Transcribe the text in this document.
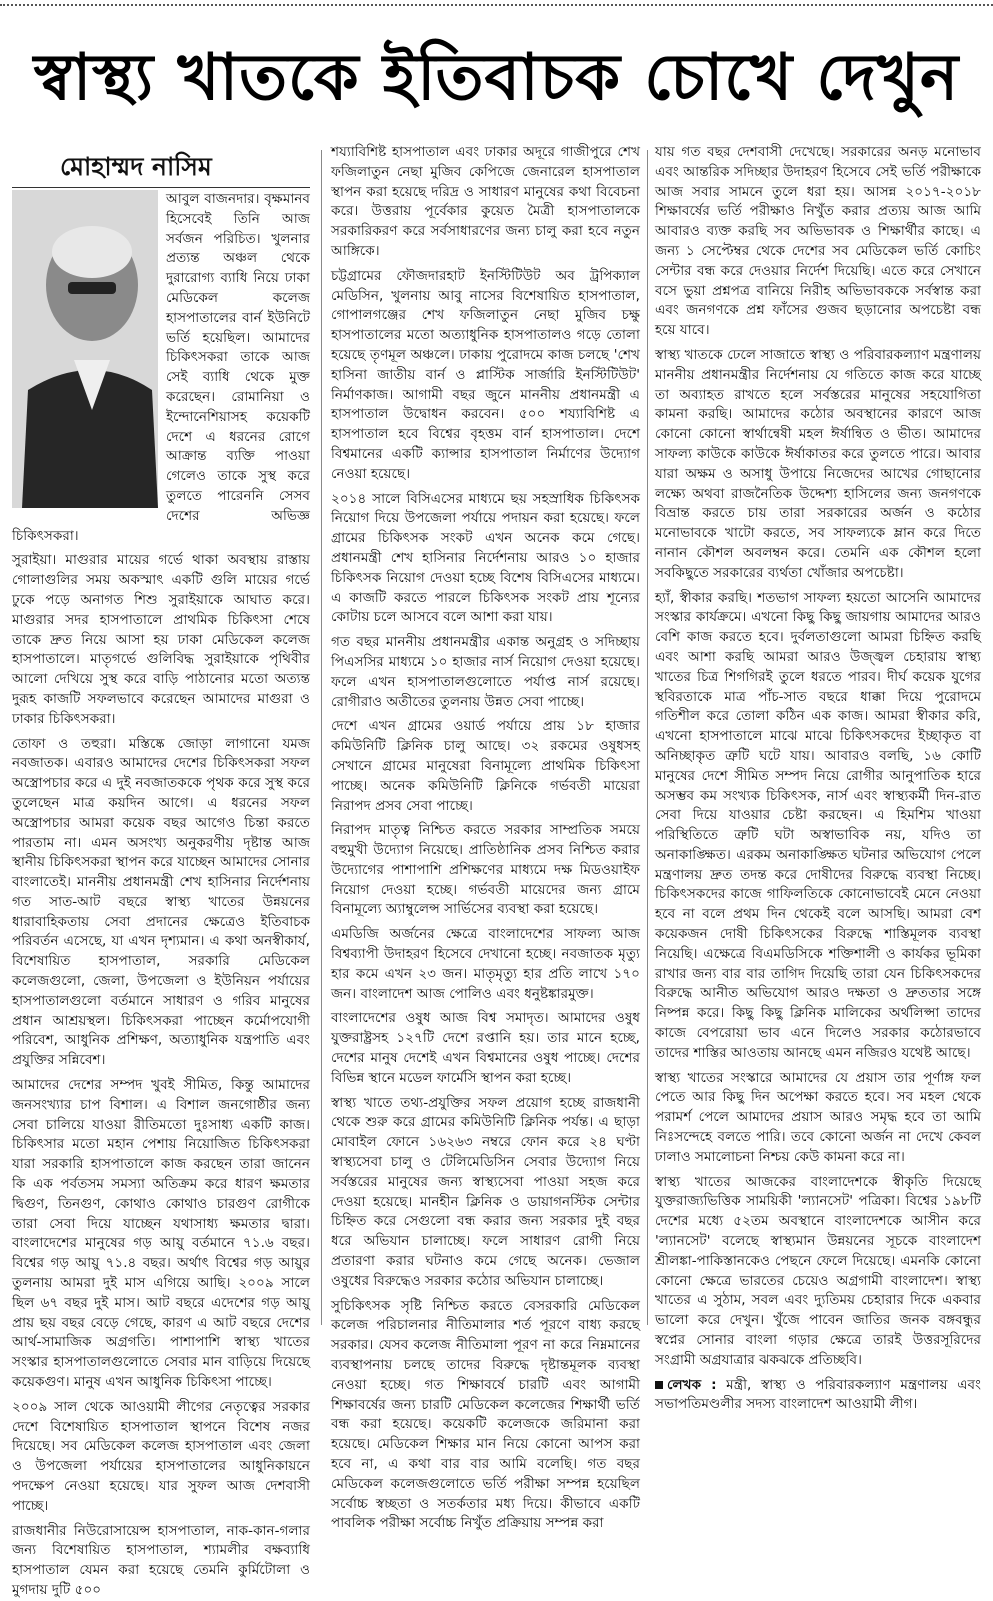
স্বাস্থ্য খাতকে ইতিবাচক চোখে দেখুন
মোহাম্মদ নাসিম

আবুল বাজনদার। বৃক্ষমানব হিসেবেই তিনি আজ সর্বজন পরিচিত। খুলনার প্রত্যন্ত অঞ্চল থেকে দুরারোগ্য ব্যাধি নিয়ে ঢাকা মেডিকেল কলেজ হাসপাতালের বার্ন ইউনিটে ভর্তি হয়েছিল। আমাদের চিকিৎসকরা তাকে আজ সেই ব্যাধি থেকে মুক্ত করেছেন। রোমানিয়া ও ইন্দোনেশিয়াসহ কয়েকটি দেশে এ ধরনের রোগে আক্রান্ত ব্যক্তি পাওয়া গেলেও তাকে সুস্থ করে তুলতে পারেননি সেসব দেশের অভিজ্ঞ চিকিৎসকরা।

সুরাইয়া। মাগুরার মায়ের গর্ভে থাকা অবস্থায় রাস্তায় গোলাগুলির সময় অকস্মাৎ একটি গুলি মায়ের গর্ভে ঢুকে পড়ে অনাগত শিশু সুরাইয়াকে আঘাত করে। মাগুরার সদর হাসপাতালে প্রাথমিক চিকিৎসা শেষে তাকে দ্রুত নিয়ে আসা হয় ঢাকা মেডিকেল কলেজ হাসপাতালে। মাতৃগর্ভে গুলিবিদ্ধ সুরাইয়াকে পৃথিবীর আলো দেখিয়ে সুস্থ করে বাড়ি পাঠানোর মতো অত্যন্ত দুরূহ কাজটি সফলভাবে করেছেন আমাদের মাগুরা ও ঢাকার চিকিৎসকরা।

তোফা ও তহুরা। মস্তিষ্কে জোড়া লাগানো যমজ নবজাতক। এবারও আমাদের দেশের চিকিৎসকরা সফল অস্ত্রোপচার করে এ দুই নবজাতককে পৃথক করে সুস্থ করে তুলেছেন মাত্র কয়দিন আগে। এ ধরনের সফল অস্ত্রোপচার আমরা কয়েক বছর আগেও চিন্তা করতে পারতাম না। এমন অসংখ্য অনুকরণীয় দৃষ্টান্ত আজ স্থানীয় চিকিৎসকরা স্থাপন করে যাচ্ছেন আমাদের সোনার বাংলাতেই। মাননীয় প্রধানমন্ত্রী শেখ হাসিনার নির্দেশনায় গত সাত-আট বছরে স্বাস্থ্য খাতের উন্নয়নের ধারাবাহিকতায় সেবা প্রদানের ক্ষেত্রেও ইতিবাচক পরিবর্তন এসেছে, যা এখন দৃশ্যমান। এ কথা অনস্বীকার্য, বিশেষায়িত হাসপাতাল, সরকারি মেডিকেল কলেজগুলো, জেলা, উপজেলা ও ইউনিয়ন পর্যায়ের হাসপাতালগুলো বর্তমানে সাধারণ ও গরিব মানুষের প্রধান আশ্রয়স্থল। চিকিৎসকরা পাচ্ছেন কর্মোপযোগী পরিবেশ, আধুনিক প্রশিক্ষণ, অত্যাধুনিক যন্ত্রপাতি এবং প্রযুক্তির সন্নিবেশ।

আমাদের দেশের সম্পদ খুবই সীমিত, কিন্তু আমাদের জনসংখ্যার চাপ বিশাল। এ বিশাল জনগোষ্ঠীর জন্য সেবা চালিয়ে যাওয়া রীতিমতো দুঃসাধ্য একটি কাজ। চিকিৎসার মতো মহান পেশায় নিয়োজিত চিকিৎসকরা যারা সরকারি হাসপাতালে কাজ করছেন তারা জানেন কি এক পর্বতসম সমস্যা অতিক্রম করে ধারণ ক্ষমতার দ্বিগুণ, তিনগুণ, কোথাও কোথাও চারগুণ রোগীকে তারা সেবা দিয়ে যাচ্ছেন যথাসাধ্য ক্ষমতার দ্বারা। বাংলাদেশের মানুষের গড় আয়ু বর্তমানে ৭১.৬ বছর। বিশ্বের গড় আয়ু ৭১.৪ বছর। অর্থাৎ বিশ্বের গড় আয়ুর তুলনায় আমরা দুই মাস এগিয়ে আছি। ২০০৯ সালে ছিল ৬৭ বছর দুই মাস। আট বছরে এদেশের গড় আয়ু প্রায় ছয় বছর বেড়ে গেছে, কারণ এ আট বছরে দেশের আর্থ-সামাজিক অগ্রগতি। পাশাপাশি স্বাস্থ্য খাতের সংস্কার হাসপাতালগুলোতে সেবার মান বাড়িয়ে দিয়েছে কয়েকগুণ। মানুষ এখন আধুনিক চিকিৎসা পাচ্ছে।

২০০৯ সাল থেকে আওয়ামী লীগের নেতৃত্বের সরকার দেশে বিশেষায়িত হাসপাতাল স্থাপনে বিশেষ নজর দিয়েছে। সব মেডিকেল কলেজ হাসপাতাল এবং জেলা ও উপজেলা পর্যায়ের হাসপাতালের আধুনিকায়নে পদক্ষেপ নেওয়া হয়েছে। যার সুফল আজ দেশবাসী পাচ্ছে।

রাজধানীর নিউরোসায়েন্স হাসপাতাল, নাক-কান-গলার জন্য বিশেষায়িত হাসপাতাল, শ্যামলীর বক্ষব্যাধি হাসপাতাল যেমন করা হয়েছে তেমনি কুর্মিটোলা ও মুগদায় দুটি ৫০০

শয্যাবিশিষ্ট হাসপাতাল এবং ঢাকার অদূরে গাজীপুরে শেখ ফজিলাতুন নেছা মুজিব কেপিজে জেনারেল হাসপাতাল স্থাপন করা হয়েছে দরিদ্র ও সাধারণ মানুষের কথা বিবেচনা করে। উত্তরায় পূর্বেকার কুয়েত মৈত্রী হাসপাতালকে সরকারিকরণ করে সর্বসাধারণের জন্য চালু করা হবে নতুন আঙ্গিকে।

চট্টগ্রামের ফৌজদারহাট ইনস্টিটিউট অব ট্রপিক্যাল মেডিসিন, খুলনায় আবু নাসের বিশেষায়িত হাসপাতাল, গোপালগঞ্জের শেখ ফজিলাতুন নেছা মুজিব চক্ষু হাসপাতালের মতো অত্যাধুনিক হাসপাতালও গড়ে তোলা হয়েছে তৃণমূল অঞ্চলে। ঢাকায় পুরোদমে কাজ চলছে 'শেখ হাসিনা জাতীয় বার্ন ও প্লাস্টিক সার্জারি ইনস্টিটিউট' নির্মাণকাজ। আগামী বছর জুনে মাননীয় প্রধানমন্ত্রী এ হাসপাতাল উদ্বোধন করবেন। ৫০০ শয্যাবিশিষ্ট এ হাসপাতাল হবে বিশ্বের বৃহত্তম বার্ন হাসপাতাল। দেশে বিশ্বমানের একটি ক্যান্সার হাসপাতাল নির্মাণের উদ্যোগ নেওয়া হয়েছে।

২০১৪ সালে বিসিএসের মাধ্যমে ছয় সহস্রাধিক চিকিৎসক নিয়োগ দিয়ে উপজেলা পর্যায়ে পদায়ন করা হয়েছে। ফলে গ্রামের চিকিৎসক সংকট এখন অনেক কমে গেছে। প্রধানমন্ত্রী শেখ হাসিনার নির্দেশনায় আরও ১০ হাজার চিকিৎসক নিয়োগ দেওয়া হচ্ছে বিশেষ বিসিএসের মাধ্যমে। এ কাজটি করতে পারলে চিকিৎসক সংকট প্রায় শূন্যের কোটায় চলে আসবে বলে আশা করা যায়।

গত বছর মাননীয় প্রধানমন্ত্রীর একান্ত অনুগ্রহ ও সদিচ্ছায় পিএসসির মাধ্যমে ১০ হাজার নার্স নিয়োগ দেওয়া হয়েছে। ফলে এখন হাসপাতালগুলোতে পর্যাপ্ত নার্স রয়েছে। রোগীরাও অতীতের তুলনায় উন্নত সেবা পাচ্ছে।

দেশে এখন গ্রামের ওয়ার্ড পর্যায়ে প্রায় ১৮ হাজার কমিউনিটি ক্লিনিক চালু আছে। ৩২ রকমের ওষুধসহ সেখানে গ্রামের মানুষেরা বিনামূল্যে প্রাথমিক চিকিৎসা পাচ্ছে। অনেক কমিউনিটি ক্লিনিকে গর্ভবতী মায়েরা নিরাপদ প্রসব সেবা পাচ্ছে।

নিরাপদ মাতৃত্ব নিশ্চিত করতে সরকার সাম্প্রতিক সময়ে বহুমুখী উদ্যোগ নিয়েছে। প্রাতিষ্ঠানিক প্রসব নিশ্চিত করার উদ্যোগের পাশাপাশি প্রশিক্ষণের মাধ্যমে দক্ষ মিডওয়াইফ নিয়োগ দেওয়া হচ্ছে। গর্ভবতী মায়েদের জন্য গ্রামে বিনামূল্যে অ্যাম্বুলেন্স সার্ভিসের ব্যবস্থা করা হয়েছে।

এমডিজি অর্জনের ক্ষেত্রে বাংলাদেশের সাফল্য আজ বিশ্বব্যাপী উদাহরণ হিসেবে দেখানো হচ্ছে। নবজাতক মৃত্যু হার কমে এখন ২৩ জন। মাতৃমৃত্যু হার প্রতি লাখে ১৭০ জন। বাংলাদেশ আজ পোলিও এবং ধনুষ্টঙ্কারমুক্ত।

বাংলাদেশের ওষুধ আজ বিশ্ব সমাদৃত। আমাদের ওষুধ যুক্তরাষ্ট্রসহ ১২৭টি দেশে রপ্তানি হয়। তার মানে হচ্ছে, দেশের মানুষ দেশেই এখন বিশ্বমানের ওষুধ পাচ্ছে। দেশের বিভিন্ন স্থানে মডেল ফার্মেসি স্থাপন করা হচ্ছে।

স্বাস্থ্য খাতে তথ্য-প্রযুক্তির সফল প্রয়োগ হচ্ছে রাজধানী থেকে শুরু করে গ্রামের কমিউনিটি ক্লিনিক পর্যন্ত। এ ছাড়া মোবাইল ফোনে ১৬২৬৩ নম্বরে ফোন করে ২৪ ঘণ্টা স্বাস্থ্যসেবা চালু ও টেলিমেডিসিন সেবার উদ্যোগ নিয়ে সর্বস্তরের মানুষের জন্য স্বাস্থ্যসেবা পাওয়া সহজ করে দেওয়া হয়েছে। মানহীন ক্লিনিক ও ডায়াগনস্টিক সেন্টার চিহ্নিত করে সেগুলো বন্ধ করার জন্য সরকার দুই বছর ধরে অভিযান চালাচ্ছে। ফলে সাধারণ রোগী নিয়ে প্রতারণা করার ঘটনাও কমে গেছে অনেক। ভেজাল ওষুধের বিরুদ্ধেও সরকার কঠোর অভিযান চালাচ্ছে।

সুচিকিৎসক সৃষ্টি নিশ্চিত করতে বেসরকারি মেডিকেল কলেজ পরিচালনার নীতিমালার শর্ত পূরণে বাধ্য করছে সরকার। যেসব কলেজ নীতিমালা পূরণ না করে নিম্নমানের ব্যবস্থাপনায় চলছে তাদের বিরুদ্ধে দৃষ্টান্তমূলক ব্যবস্থা নেওয়া হচ্ছে। গত শিক্ষাবর্ষে চারটি এবং আগামী শিক্ষাবর্ষের জন্য চারটি মেডিকেল কলেজের শিক্ষার্থী ভর্তি বন্ধ করা হয়েছে। কয়েকটি কলেজকে জরিমানা করা হয়েছে। মেডিকেল শিক্ষার মান নিয়ে কোনো আপস করা হবে না, এ কথা বার বার আমি বলেছি। গত বছর মেডিকেল কলেজগুলোতে ভর্তি পরীক্ষা সম্পন্ন হয়েছিল সর্বোচ্চ স্বচ্ছতা ও সতর্কতার মধ্য দিয়ে। কীভাবে একটি পাবলিক পরীক্ষা সর্বোচ্চ নিখুঁত প্রক্রিয়ায় সম্পন্ন করা

যায় গত বছর দেশবাসী দেখেছে। সরকারের অনড় মনোভাব এবং আন্তরিক সদিচ্ছার উদাহরণ হিসেবে সেই ভর্তি পরীক্ষাকে আজ সবার সামনে তুলে ধরা হয়। আসন্ন ২০১৭-২০১৮ শিক্ষাবর্ষের ভর্তি পরীক্ষাও নিখুঁত করার প্রত্যয় আজ আমি আবারও ব্যক্ত করছি সব অভিভাবক ও শিক্ষার্থীর কাছে। এ জন্য ১ সেপ্টেম্বর থেকে দেশের সব মেডিকেল ভর্তি কোচিং সেন্টার বন্ধ করে দেওয়ার নির্দেশ দিয়েছি। এতে করে সেখানে বসে ভুয়া প্রশ্নপত্র বানিয়ে নিরীহ অভিভাবককে সর্বস্বান্ত করা এবং জনগণকে প্রশ্ন ফাঁসের গুজব ছড়ানোর অপচেষ্টা বন্ধ হয়ে যাবে।

স্বাস্থ্য খাতকে ঢেলে সাজাতে স্বাস্থ্য ও পরিবারকল্যাণ মন্ত্রণালয় মাননীয় প্রধানমন্ত্রীর নির্দেশনায় যে গতিতে কাজ করে যাচ্ছে তা অব্যাহত রাখতে হলে সর্বস্তরের মানুষের সহযোগিতা কামনা করছি। আমাদের কঠোর অবস্থানের কারণে আজ কোনো কোনো স্বার্থান্বেষী মহল ঈর্ষান্বিত ও ভীত। আমাদের সাফল্য কাউকে কাউকে ঈর্ষাকাতর করে তুলতে পারে। আবার যারা অক্ষম ও অসাধু উপায়ে নিজেদের আখের গোছানোর লক্ষ্যে অথবা রাজনৈতিক উদ্দেশ্য হাসিলের জন্য জনগণকে বিভ্রান্ত করতে চায় তারা সরকারের অর্জন ও কঠোর মনোভাবকে খাটো করতে, সব সাফল্যকে ম্লান করে দিতে নানান কৌশল অবলম্বন করে। তেমনি এক কৌশল হলো সবকিছুতে সরকারের ব্যর্থতা খোঁজার অপচেষ্টা।

হ্যাঁ, স্বীকার করছি। শতভাগ সাফল্য হয়তো আসেনি আমাদের সংস্কার কার্যক্রমে। এখনো কিছু কিছু জায়গায় আমাদের আরও বেশি কাজ করতে হবে। দুর্বলতাগুলো আমরা চিহ্নিত করছি এবং আশা করছি আমরা আরও উজ্জ্বল চেহারায় স্বাস্থ্য খাতের চিত্র শিগগিরই তুলে ধরতে পারব। দীর্ঘ কয়েক যুগের স্থবিরতাকে মাত্র পাঁচ-সাত বছরে ধাক্কা দিয়ে পুরোদমে গতিশীল করে তোলা কঠিন এক কাজ। আমরা স্বীকার করি, এখনো হাসপাতালে মাঝে মাঝে চিকিৎসকদের ইচ্ছাকৃত বা অনিচ্ছাকৃত ত্রুটি ঘটে যায়। আবারও বলছি, ১৬ কোটি মানুষের দেশে সীমিত সম্পদ নিয়ে রোগীর আনুপাতিক হারে অসম্ভব কম সংখ্যক চিকিৎসক, নার্স এবং স্বাস্থ্যকর্মী দিন-রাত সেবা দিয়ে যাওয়ার চেষ্টা করছেন। এ হিমশিম খাওয়া পরিস্থিতিতে ত্রুটি ঘটা অস্বাভাবিক নয়, যদিও তা অনাকাঙ্ক্ষিত। এরকম অনাকাঙ্ক্ষিত ঘটনার অভিযোগ পেলে মন্ত্রণালয় দ্রুত তদন্ত করে দোষীদের বিরুদ্ধে ব্যবস্থা নিচ্ছে। চিকিৎসকদের কাজে গাফিলতিকে কোনোভাবেই মেনে নেওয়া হবে না বলে প্রথম দিন থেকেই বলে আসছি। আমরা বেশ কয়েকজন দোষী চিকিৎসকের বিরুদ্ধে শাস্তিমূলক ব্যবস্থা নিয়েছি। এক্ষেত্রে বিএমডিসিকে শক্তিশালী ও কার্যকর ভূমিকা রাখার জন্য বার বার তাগিদ দিয়েছি তারা যেন চিকিৎসকদের বিরুদ্ধে আনীত অভিযোগ আরও দক্ষতা ও দ্রুততার সঙ্গে নিষ্পন্ন করে। কিছু কিছু ক্লিনিক মালিকের অর্থলিপ্সা তাদের কাজে বেপরোয়া ভাব এনে দিলেও সরকার কঠোরভাবে তাদের শাস্তির আওতায় আনছে এমন নজিরও যথেষ্ট আছে।

স্বাস্থ্য খাতের সংস্কারে আমাদের যে প্রয়াস তার পূর্ণাঙ্গ ফল পেতে আর কিছু দিন অপেক্ষা করতে হবে। সব মহল থেকে পরামর্শ পেলে আমাদের প্রয়াস আরও সমৃদ্ধ হবে তা আমি নিঃসন্দেহে বলতে পারি। তবে কোনো অর্জন না দেখে কেবল ঢালাও সমালোচনা নিশ্চয় কেউ কামনা করে না।

স্বাস্থ্য খাতের আজকের বাংলাদেশকে স্বীকৃতি দিয়েছে যুক্তরাজ্যভিত্তিক সাময়িকী 'ল্যানসেট' পত্রিকা। বিশ্বের ১৯৮টি দেশের মধ্যে ৫২তম অবস্থানে বাংলাদেশকে আসীন করে 'ল্যানসেট' বলেছে স্বাস্থ্যমান উন্নয়নের সূচকে বাংলাদেশ শ্রীলঙ্কা-পাকিস্তানকেও পেছনে ফেলে দিয়েছে। এমনকি কোনো কোনো ক্ষেত্রে ভারতের চেয়েও অগ্রগামী বাংলাদেশ। স্বাস্থ্য খাতের এ সুঠাম, সবল এবং দ্যুতিময় চেহারার দিকে একবার ভালো করে দেখুন। খুঁজে পাবেন জাতির জনক বঙ্গবন্ধুর স্বপ্নের সোনার বাংলা গড়ার ক্ষেত্রে তারই উত্তরসূরিদের সংগ্রামী অগ্রযাত্রার ঝকঝকে প্রতিচ্ছবি।

লেখক : মন্ত্রী, স্বাস্থ্য ও পরিবারকল্যাণ মন্ত্রণালয় এবং সভাপতিমণ্ডলীর সদস্য বাংলাদেশ আওয়ামী লীগ।
